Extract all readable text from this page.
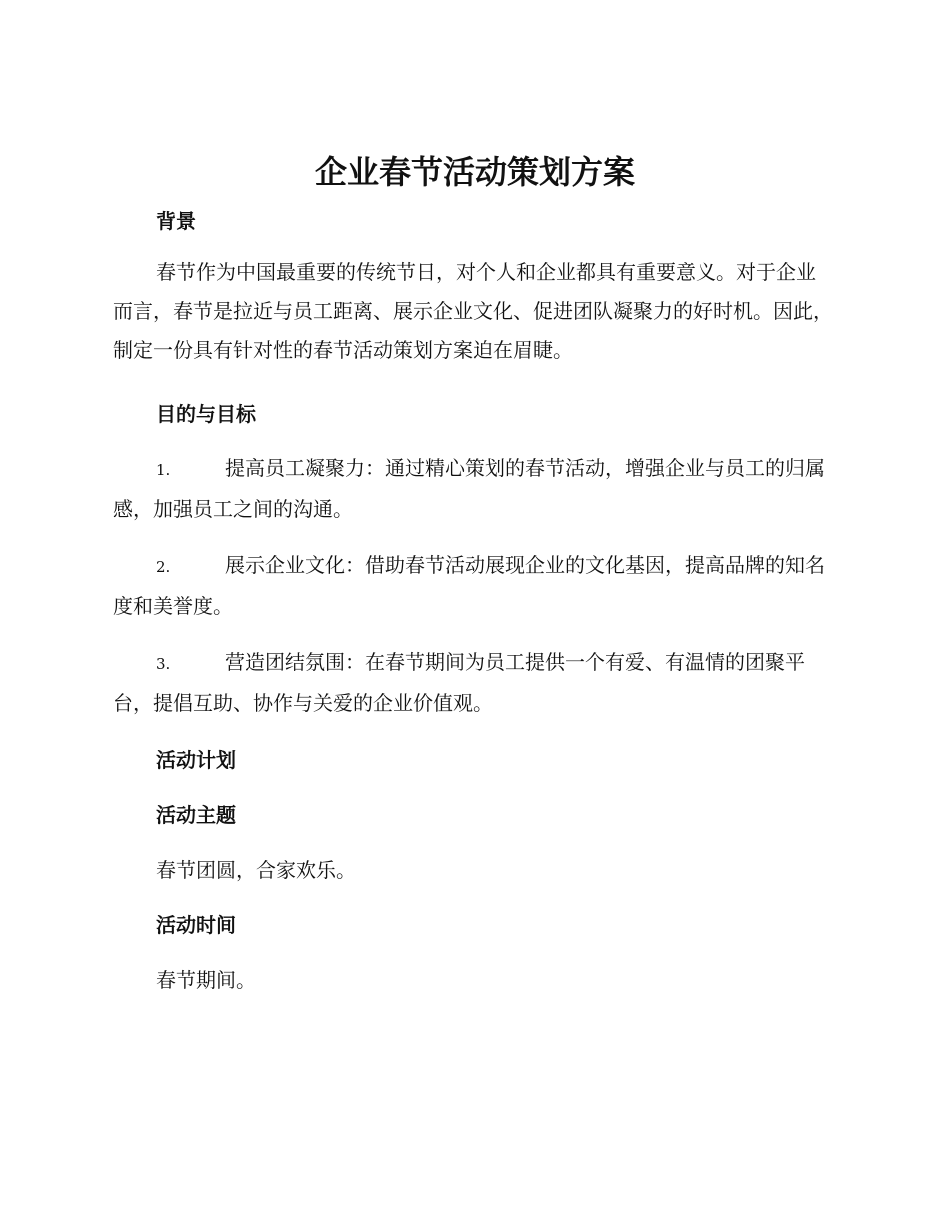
企业春节活动策划方案
背景

春节作为中国最重要的传统节日，对个人和企业都具有重要意义。对于企业而言，春节是拉近与员工距离、展示企业文化、促进团队凝聚力的好时机。因此，制定一份具有针对性的春节活动策划方案迫在眉睫。

目的与目标

1.	提高员工凝聚力：通过精心策划的春节活动，增强企业与员工的归属感，加强员工之间的沟通。

2.	展示企业文化：借助春节活动展现企业的文化基因，提高品牌的知名度和美誉度。

3.	营造团结氛围：在春节期间为员工提供一个有爱、有温情的团聚平台，提倡互助、协作与关爱的企业价值观。

活动计划
活动主题

春节团圆，合家欢乐。

活动时间

春节期间。
